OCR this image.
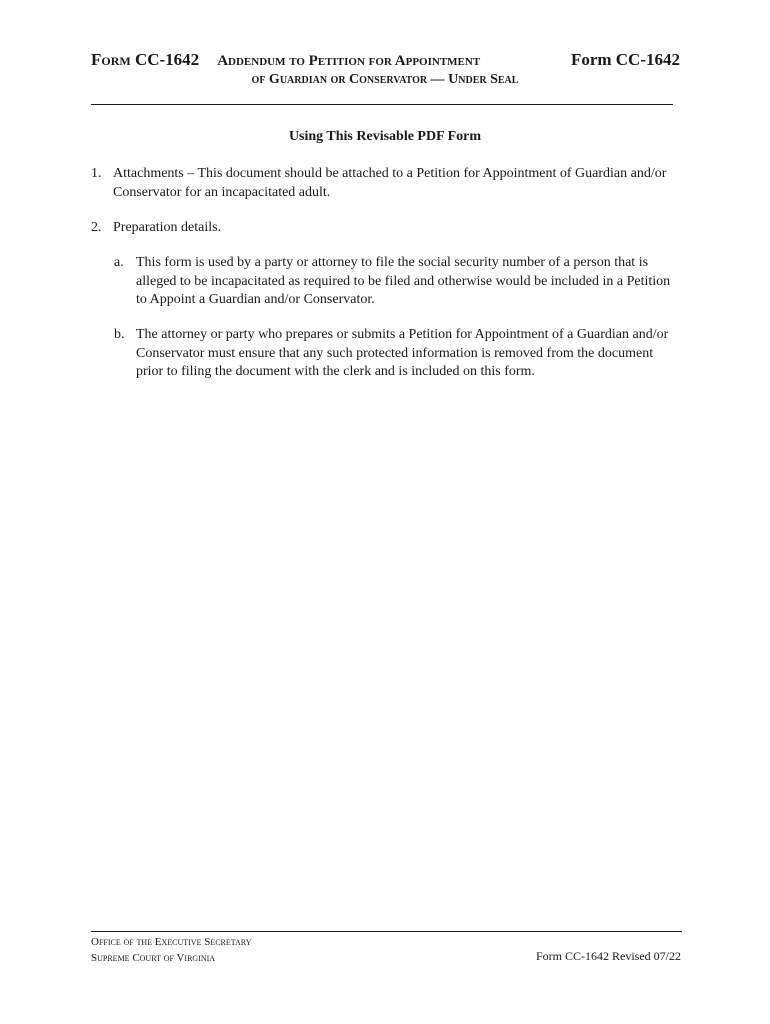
Form CC-1642 Addendum to Petition for Appointment	Form CC-1642
of Guardian or Conservator — Under Seal
Using This Revisable PDF Form
1. Attachments – This document should be attached to a Petition for Appointment of Guardian and/or Conservator for an incapacitated adult.
2. Preparation details.
a. This form is used by a party or attorney to file the social security number of a person that is alleged to be incapacitated as required to be filed and otherwise would be included in a Petition to Appoint a Guardian and/or Conservator.
b. The attorney or party who prepares or submits a Petition for Appointment of a Guardian and/or Conservator must ensure that any such protected information is removed from the document prior to filing the document with the clerk and is included on this form.
Office of the Executive Secretary
Supreme Court of Virginia	Form CC-1642 Revised 07/22
